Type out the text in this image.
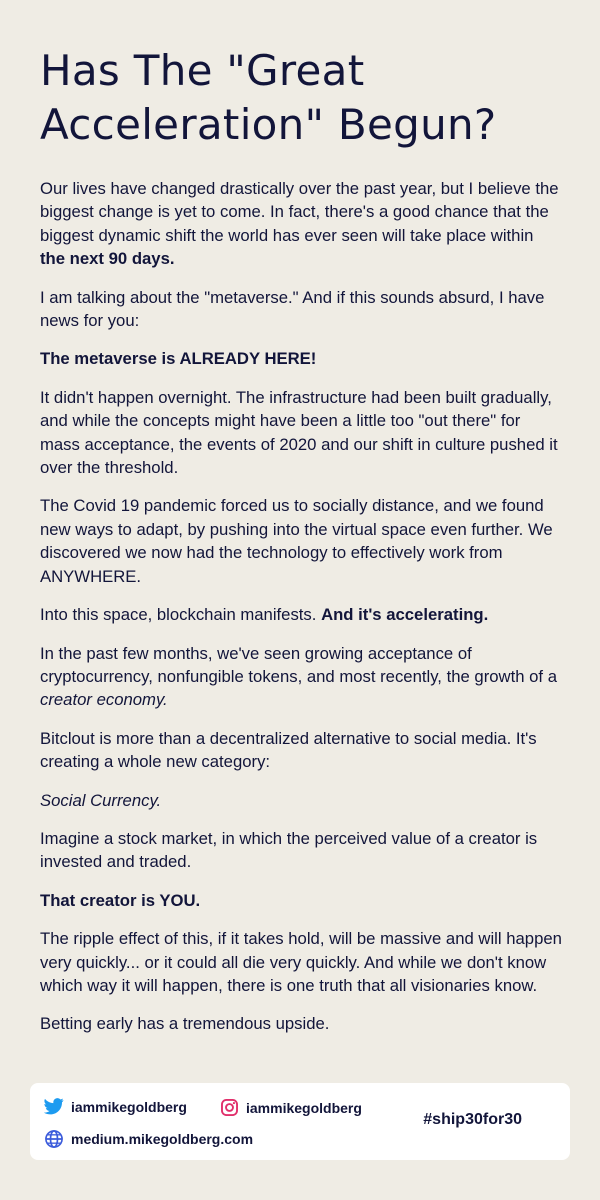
Has The "Great
Acceleration" Begun?

Our lives have changed drastically over the past year, but I believe the biggest change is yet to come. In fact, there's a good chance that the biggest dynamic shift the world has ever seen will take place within the next 90 days.

I am talking about the "metaverse." And if this sounds absurd, I have news for you:

The metaverse is ALREADY HERE!

It didn't happen overnight. The infrastructure had been built gradually, and while the concepts might have been a little too "out there" for mass acceptance, the events of 2020 and our shift in culture pushed it over the threshold.

The Covid 19 pandemic forced us to socially distance, and we found new ways to adapt, by pushing into the virtual space even further. We discovered we now had the technology to effectively work from ANYWHERE.

Into this space, blockchain manifests. And it's accelerating.

In the past few months, we've seen growing acceptance of cryptocurrency, nonfungible tokens, and most recently, the growth of a creator economy.

Bitclout is more than a decentralized alternative to social media. It's creating a whole new category:

Social Currency.

Imagine a stock market, in which the perceived value of a creator is invested and traded.

That creator is YOU.

The ripple effect of this, if it takes hold, will be massive and will happen very quickly... or it could all die very quickly. And while we don't know which way it will happen, there is one truth that all visionaries know.

Betting early has a tremendous upside.

iammikegoldberg	iammikegoldberg
medium.mikegoldberg.com
#ship30for30
